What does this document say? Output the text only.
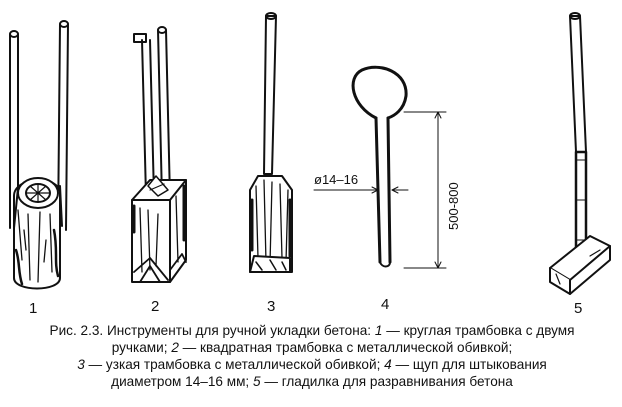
ø14–16
500-800
1	2	3	4	5
Рис. 2.3. Инструменты для ручной укладки бетона: 1 — круглая трамбовка с двумя
ручками; 2 — квадратная трамбовка с металлической обивкой;
3 — узкая трамбовка с металлической обивкой; 4 — щуп для штыкования
диаметром 14–16 мм; 5 — гладилка для разравнивания бетона
